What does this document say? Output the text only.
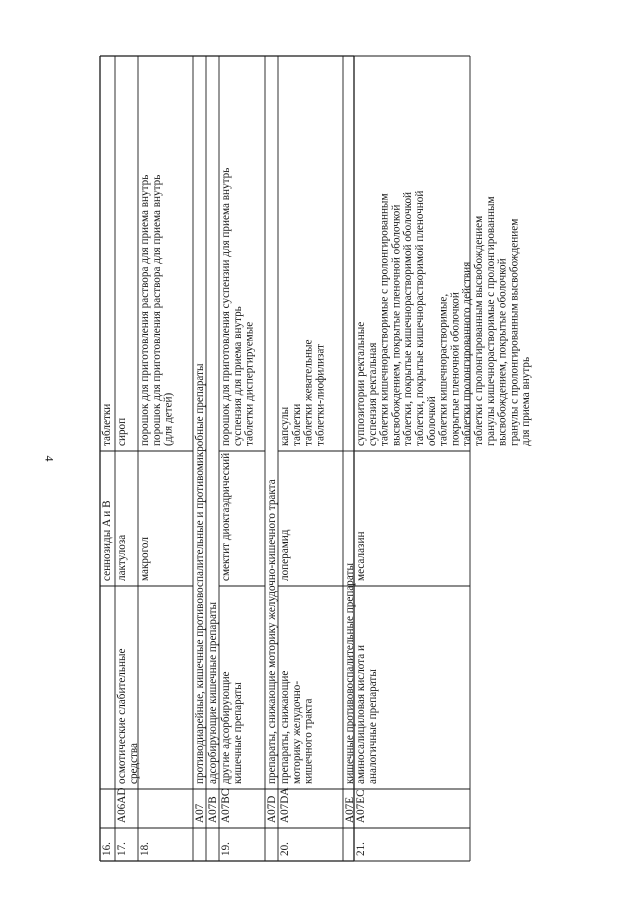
4
16.
сеннозиды A и B
таблетки
17.
A06AD
осмотические слабительные средства
лактулоза
сироп
18.
макрогол
порошок для приготовления раствора для приема внутрь порошок для приготовления раствора для приема внутрь (для детей)
A07
противодиарейные, кишечные противовоспалительные и противомикробные препараты
A07B
адсорбирующие кишечные препараты
19.
A07BC
другие адсорбирующие кишечные препараты
смектит диоктаэдрический
порошок для приготовления суспензии для приема внутрь суспензия для приема внутрь таблетки диспергируемые
A07D
препараты, снижающие моторику желудочно-кишечного тракта
20.
A07DA
препараты, снижающие моторику желудочно- кишечного тракта
лоперамид
капсулы таблетки таблетки жевательные таблетки-лиофилизат
A07E
кишечные противовоспалительные препараты
21.
A07EC
аминосалициловая кислота и аналогичные препараты
месалазин
суппозитории ректальные суспензия ректальная таблетки кишечнорастворимые с пролонгированным высвобождением, покрытые пленочной оболочкой таблетки, покрытые кишечнорастворимой оболочкой таблетки, покрытые кишечнорастворимой пленочной оболочкой таблетки кишечнорастворимые, покрытые пленочной оболочкой таблетки пролонгированного действия таблетки с пролонгированным высвобождением гранулы кишечнорастворимые с пролонгированным высвобождением, покрытые оболочкой гранулы с пролонгированным высвобождением для приема внутрь
